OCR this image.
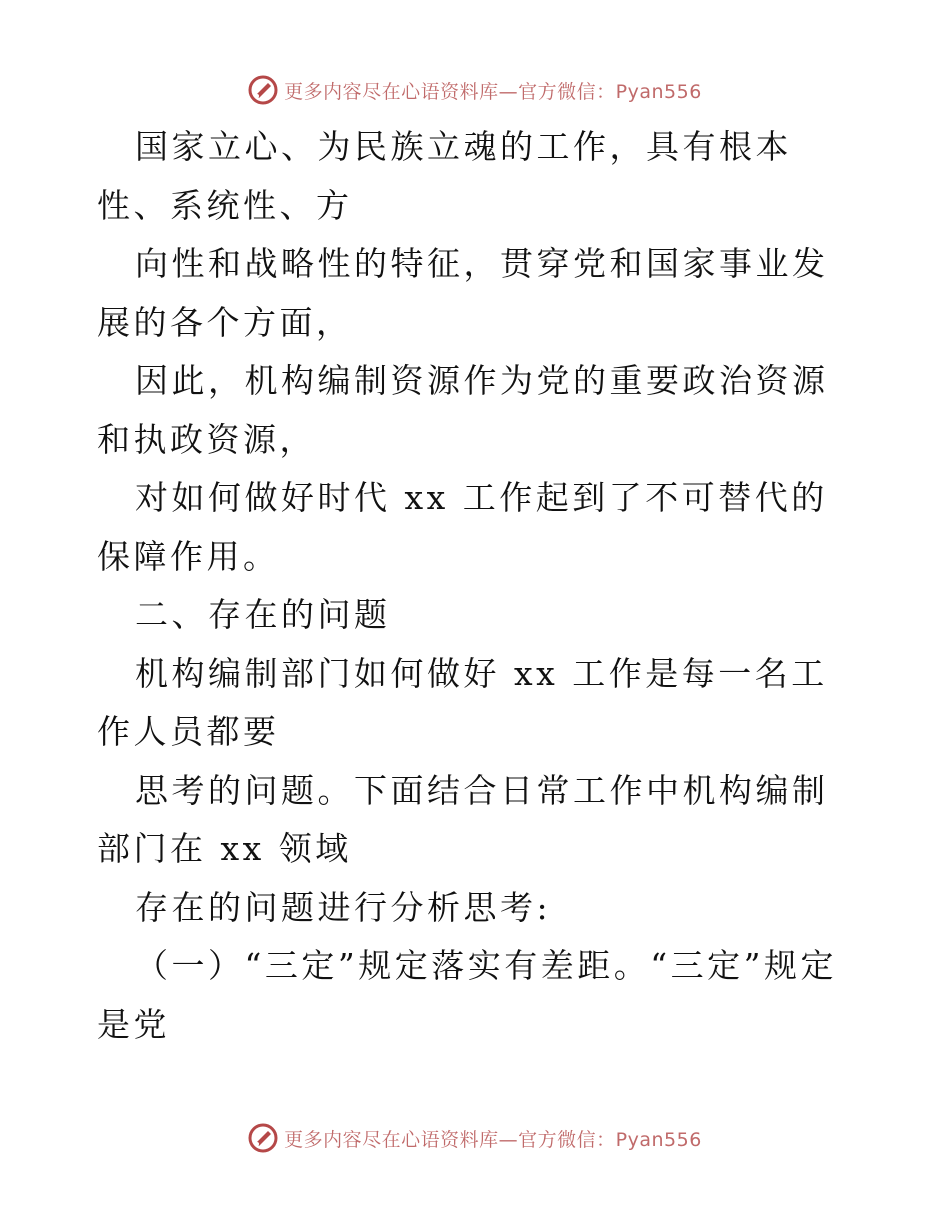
更多内容尽在心语资料库—官方微信：Pyan556

国家立心、为民族立魂的工作，具有根本性、系统性、方

向性和战略性的特征，贯穿党和国家事业发展的各个方面，

因此，机构编制资源作为党的重要政治资源和执政资源，

对如何做好时代 xx 工作起到了不可替代的保障作用。

二、存在的问题

机构编制部门如何做好 xx 工作是每一名工作人员都要

思考的问题。下面结合日常工作中机构编制部门在 xx 领域

存在的问题进行分析思考:

（一）“三定”规定落实有差距。“三定”规定是党

更多内容尽在心语资料库—官方微信：Pyan556
